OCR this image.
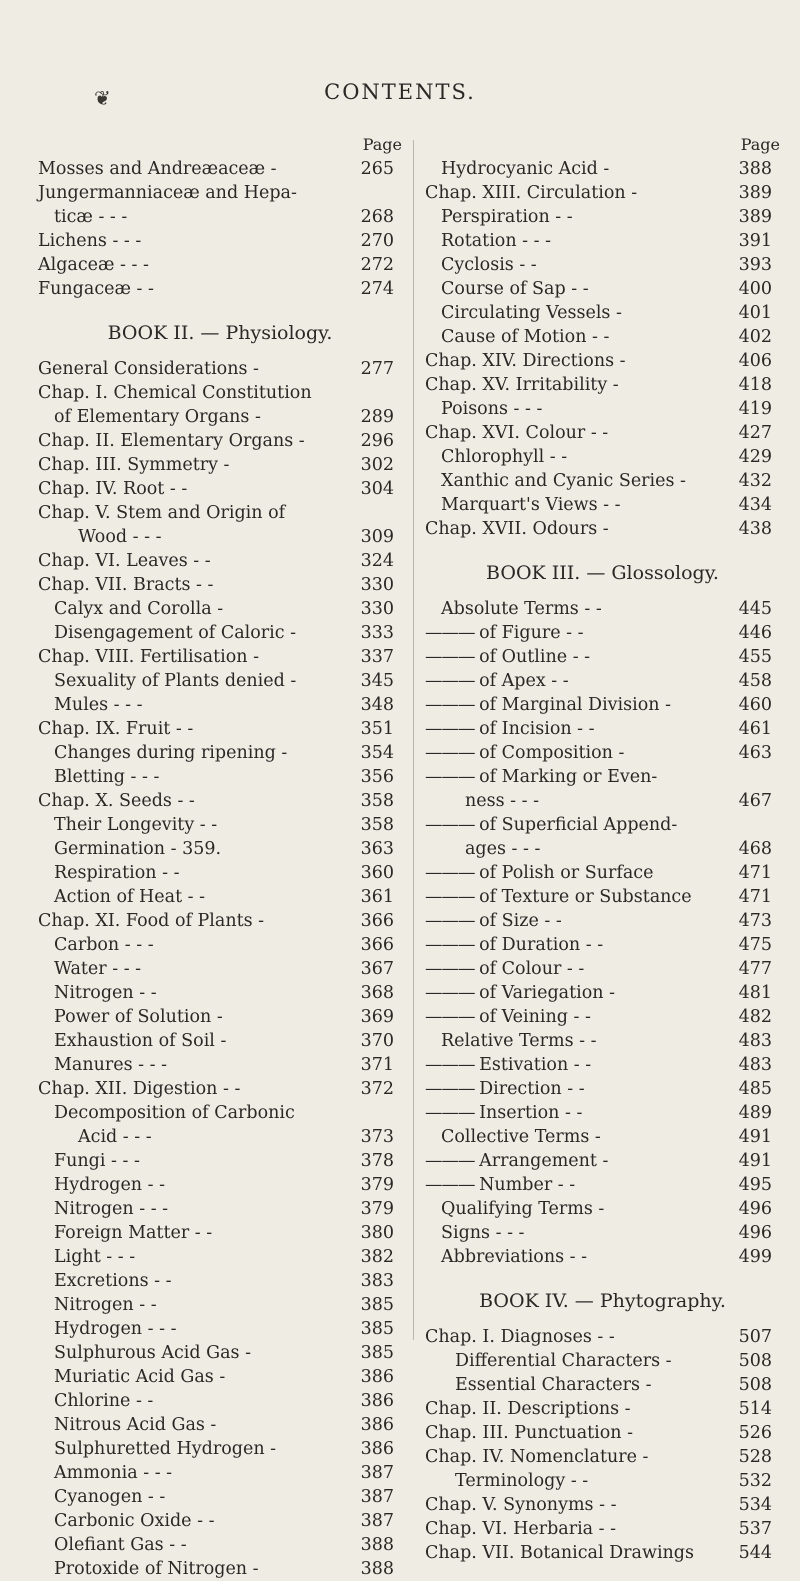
❦	CONTENTS.
Page
Mosses and Andreæaceæ -	265
Jungermanniaceæ and Hepa-
ticæ - - -	268
Lichens - - -	270
Algaceæ - - -	272
Fungaceæ - -	274
BOOK II. — Physiology.
General Considerations -	277
Chap. I. Chemical Constitution
of Elementary Organs -	289
Chap. II. Elementary Organs -	296
Chap. III. Symmetry -	302
Chap. IV. Root - -	304
Chap. V. Stem and Origin of
Wood - - -	309
Chap. VI. Leaves - -	324
Chap. VII. Bracts - -	330
Calyx and Corolla -	330
Disengagement of Caloric -	333
Chap. VIII. Fertilisation -	337
Sexuality of Plants denied -	345
Mules - - -	348
Chap. IX. Fruit - -	351
Changes during ripening -	354
Bletting - - -	356
Chap. X. Seeds - -	358
Their Longevity - -	358
Germination - 359.	363
Respiration - -	360
Action of Heat - -	361
Chap. XI. Food of Plants -	366
Carbon - - -	366
Water - - -	367
Nitrogen - -	368
Power of Solution -	369
Exhaustion of Soil -	370
Manures - - -	371
Chap. XII. Digestion - -	372
Decomposition of Carbonic
Acid - - -	373
Fungi - - -	378
Hydrogen - -	379
Nitrogen - - -	379
Foreign Matter - -	380
Light - - -	382
Excretions - -	383
Nitrogen - -	385
Hydrogen - - -	385
Sulphurous Acid Gas -	385
Muriatic Acid Gas -	386
Chlorine - -	386
Nitrous Acid Gas -	386
Sulphuretted Hydrogen -	386
Ammonia - - -	387
Cyanogen - -	387
Carbonic Oxide - -	387
Olefiant Gas - -	388
Protoxide of Nitrogen -	388
Page
Hydrocyanic Acid -	388
Chap. XIII. Circulation -	389
Perspiration - -	389
Rotation - - -	391
Cyclosis - -	393
Course of Sap - -	400
Circulating Vessels -	401
Cause of Motion - -	402
Chap. XIV. Directions -	406
Chap. XV. Irritability -	418
Poisons - - -	419
Chap. XVI. Colour - -	427
Chlorophyll - -	429
Xanthic and Cyanic Series -	432
Marquart's Views - -	434
Chap. XVII. Odours -	438
BOOK III. — Glossology.
Absolute Terms - -	445
——— of Figure - -	446
——— of Outline - -	455
——— of Apex - -	458
——— of Marginal Division -	460
——— of Incision - -	461
——— of Composition -	463
——— of Marking or Even-
ness - - -	467
——— of Superficial Append-
ages - - -	468
——— of Polish or Surface	471
——— of Texture or Substance	471
——— of Size - -	473
——— of Duration - -	475
——— of Colour - -	477
——— of Variegation -	481
——— of Veining - -	482
Relative Terms - -	483
——— Estivation - -	483
——— Direction - -	485
——— Insertion - -	489
Collective Terms -	491
——— Arrangement -	491
——— Number - -	495
Qualifying Terms -	496
Signs - - -	496
Abbreviations - -	499
BOOK IV. — Phytography.
Chap. I. Diagnoses - -	507
Differential Characters -	508
Essential Characters -	508
Chap. II. Descriptions -	514
Chap. III. Punctuation -	526
Chap. IV. Nomenclature -	528
Terminology - -	532
Chap. V. Synonyms - -	534
Chap. VI. Herbaria - -	537
Chap. VII. Botanical Drawings	544
